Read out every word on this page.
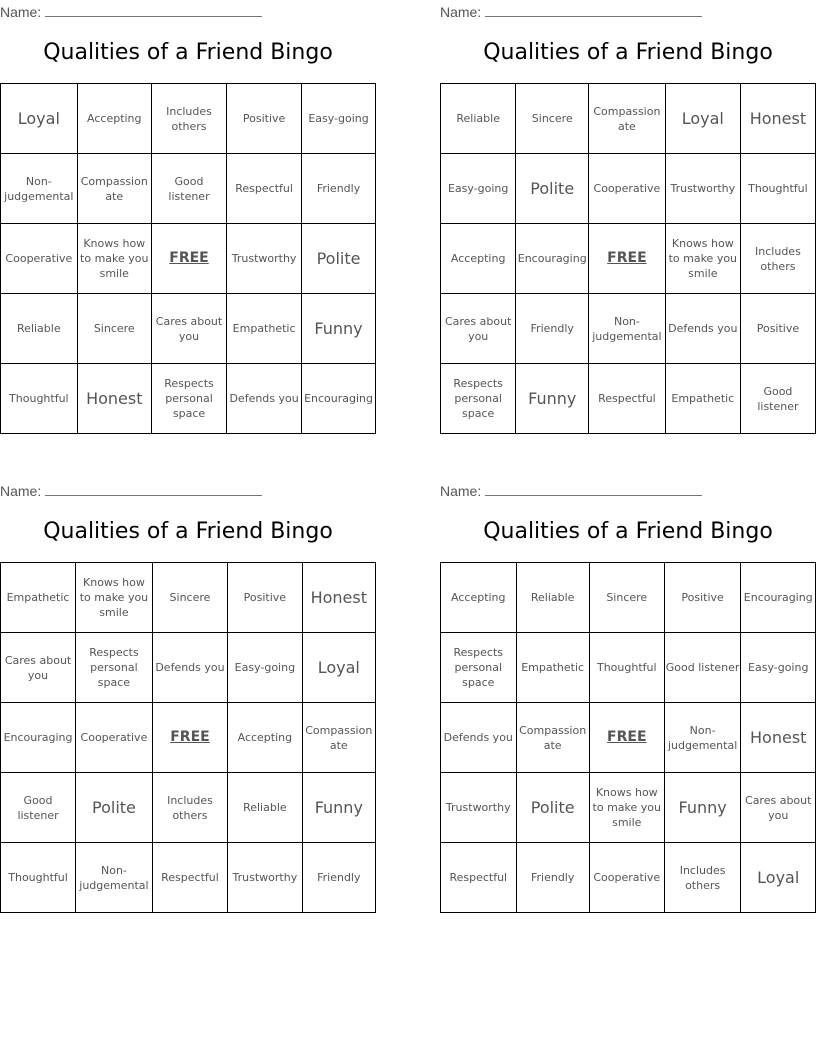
Name:
Qualities of a Friend Bingo
Loyal	Accepting	Includes others	Positive	Easy-going
Non-judgemental	Compassionate	Good listener	Respectful	Friendly
Cooperative	Knows how to make you smile	FREE	Trustworthy	Polite
Reliable	Sincere	Cares about you	Empathetic	Funny
Thoughtful	Honest	Respects personal space	Defends you	Encouraging
Name:
Qualities of a Friend Bingo
Reliable	Sincere	Compassionate	Loyal	Honest
Easy-going	Polite	Cooperative	Trustworthy	Thoughtful
Accepting	Encouraging	FREE	Knows how to make you smile	Includes others
Cares about you	Friendly	Non-judgemental	Defends you	Positive
Respects personal space	Funny	Respectful	Empathetic	Good listener
Name:
Qualities of a Friend Bingo
Empathetic	Knows how to make you smile	Sincere	Positive	Honest
Cares about you	Respects personal space	Defends you	Easy-going	Loyal
Encouraging	Cooperative	FREE	Accepting	Compassionate
Good listener	Polite	Includes others	Reliable	Funny
Thoughtful	Non-judgemental	Respectful	Trustworthy	Friendly
Name:
Qualities of a Friend Bingo
Accepting	Reliable	Sincere	Positive	Encouraging
Respects personal space	Empathetic	Thoughtful	Good listener	Easy-going
Defends you	Compassionate	FREE	Non-judgemental	Honest
Trustworthy	Polite	Knows how to make you smile	Funny	Cares about you
Respectful	Friendly	Cooperative	Includes others	Loyal
